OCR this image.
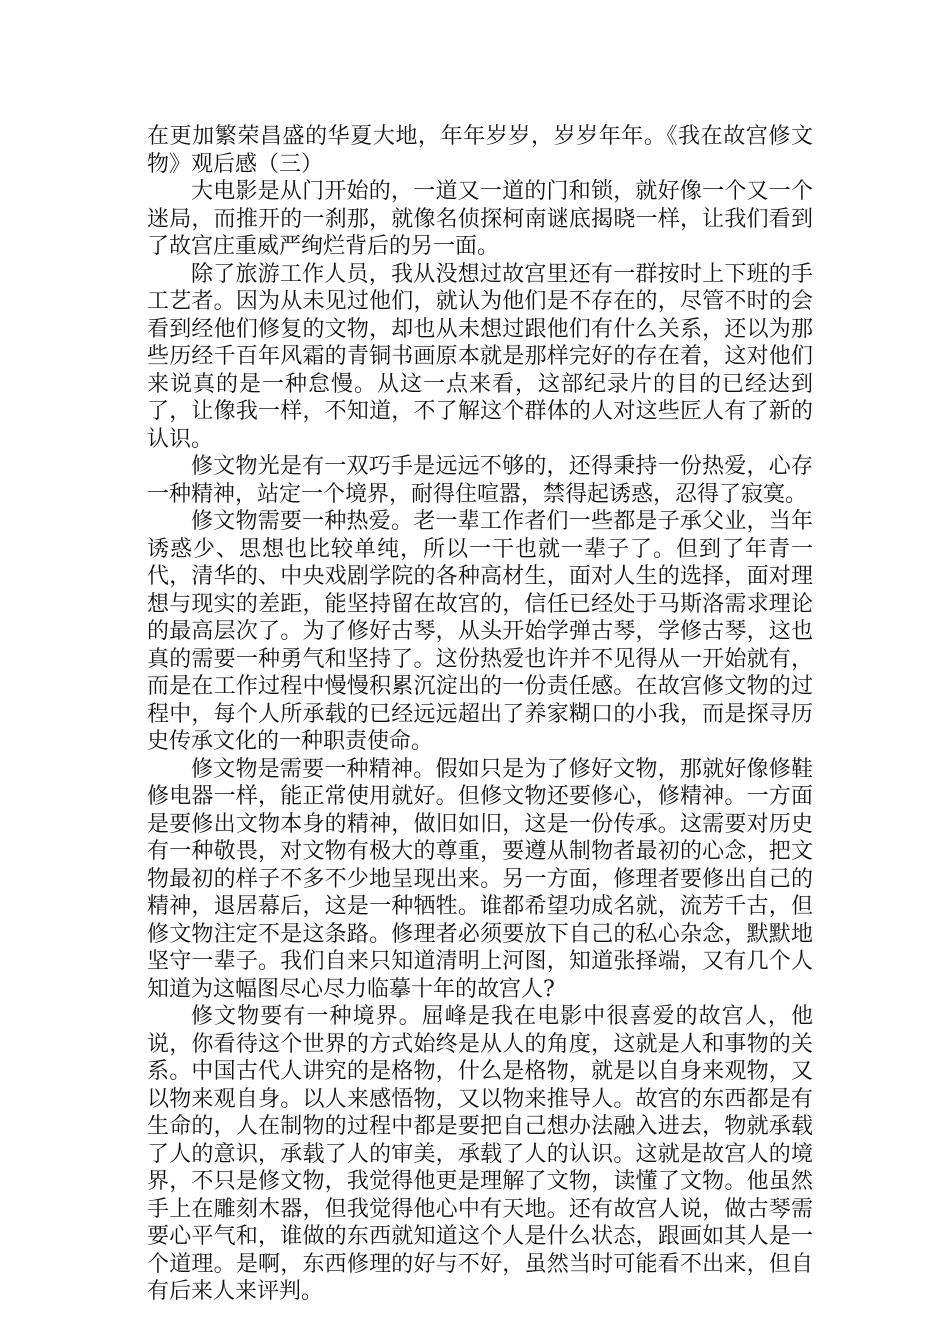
在更加繁荣昌盛的华夏大地，年年岁岁，岁岁年年。《我在故宫修文物》观后感（三）

大电影是从门开始的，一道又一道的门和锁，就好像一个又一个迷局，而推开的一刹那，就像名侦探柯南谜底揭晓一样，让我们看到了故宫庄重威严绚烂背后的另一面。

除了旅游工作人员，我从没想过故宫里还有一群按时上下班的手工艺者。因为从未见过他们，就认为他们是不存在的，尽管不时的会看到经他们修复的文物，却也从未想过跟他们有什么关系，还以为那些历经千百年风霜的青铜书画原本就是那样完好的存在着，这对他们来说真的是一种怠慢。从这一点来看，这部纪录片的目的已经达到了，让像我一样，不知道，不了解这个群体的人对这些匠人有了新的认识。

修文物光是有一双巧手是远远不够的，还得秉持一份热爱，心存一种精神，站定一个境界，耐得住喧嚣，禁得起诱惑，忍得了寂寞。

修文物需要一种热爱。老一辈工作者们一些都是子承父业，当年诱惑少、思想也比较单纯，所以一干也就一辈子了。但到了年青一代，清华的、中央戏剧学院的各种高材生，面对人生的选择，面对理想与现实的差距，能坚持留在故宫的，信任已经处于马斯洛需求理论的最高层次了。为了修好古琴，从头开始学弹古琴，学修古琴，这也真的需要一种勇气和坚持了。这份热爱也许并不见得从一开始就有，而是在工作过程中慢慢积累沉淀出的一份责任感。在故宫修文物的过程中，每个人所承载的已经远远超出了养家糊口的小我，而是探寻历史传承文化的一种职责使命。

修文物是需要一种精神。假如只是为了修好文物，那就好像修鞋修电器一样，能正常使用就好。但修文物还要修心，修精神。一方面是要修出文物本身的精神，做旧如旧，这是一份传承。这需要对历史有一种敬畏，对文物有极大的尊重，要遵从制物者最初的心念，把文物最初的样子不多不少地呈现出来。另一方面，修理者要修出自己的精神，退居幕后，这是一种牺牲。谁都希望功成名就，流芳千古，但修文物注定不是这条路。修理者必须要放下自己的私心杂念，默默地坚守一辈子。我们自来只知道清明上河图，知道张择端，又有几个人知道为这幅图尽心尽力临摹十年的故宫人?

修文物要有一种境界。屈峰是我在电影中很喜爱的故宫人，他说，你看待这个世界的方式始终是从人的角度，这就是人和事物的关系。中国古代人讲究的是格物，什么是格物，就是以自身来观物，又以物来观自身。以人来感悟物，又以物来推导人。故宫的东西都是有生命的，人在制物的过程中都是要把自己想办法融入进去，物就承载了人的意识，承载了人的审美，承载了人的认识。这就是故宫人的境界，不只是修文物，我觉得他更是理解了文物，读懂了文物。他虽然手上在雕刻木器，但我觉得他心中有天地。还有故宫人说，做古琴需要心平气和，谁做的东西就知道这个人是什么状态，跟画如其人是一个道理。是啊，东西修理的好与不好，虽然当时可能看不出来，但自有后来人来评判。
